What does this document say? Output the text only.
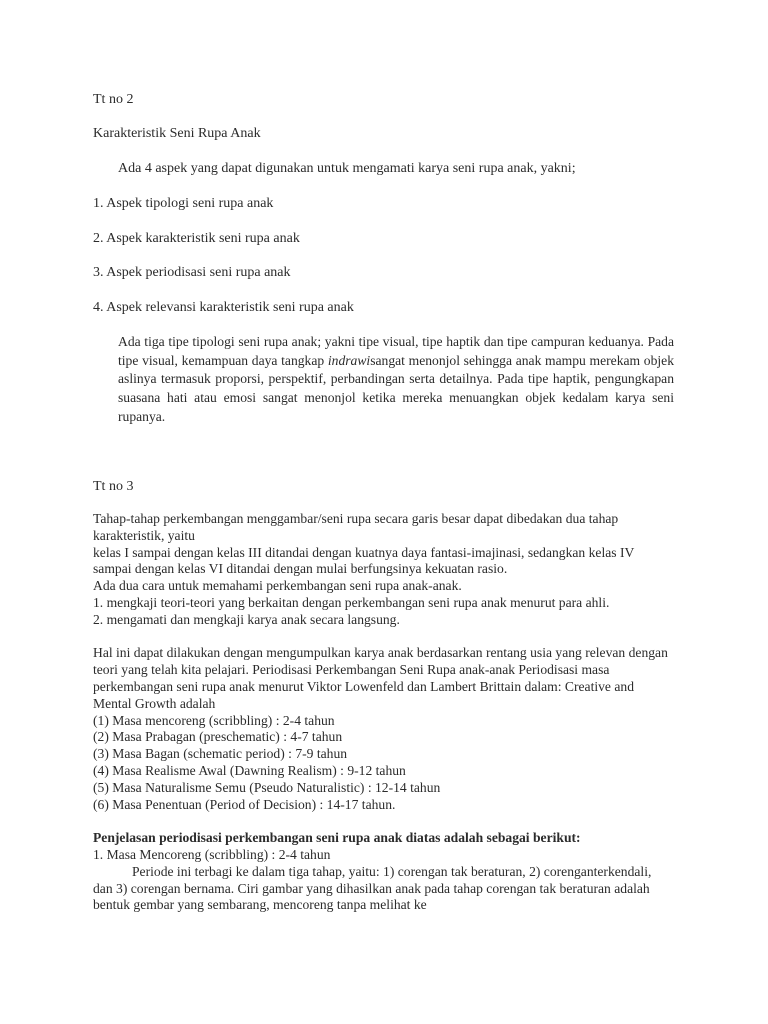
Tt no 2
Karakteristik Seni Rupa Anak
Ada 4 aspek yang dapat digunakan untuk mengamati karya seni rupa anak, yakni;
1. Aspek tipologi seni rupa anak
2. Aspek karakteristik seni rupa anak
3. Aspek periodisasi seni rupa anak
4. Aspek relevansi karakteristik seni rupa anak
Ada tiga tipe tipologi seni rupa anak; yakni tipe visual, tipe haptik dan tipe campuran keduanya. Pada tipe visual, kemampuan daya tangkap indrawisangat menonjol sehingga anak mampu merekam objek aslinya termasuk proporsi, perspektif, perbandingan serta detailnya. Pada tipe haptik, pengungkapan suasana hati atau emosi sangat menonjol ketika mereka menuangkan objek kedalam karya seni rupanya.
Tt no 3

Tahap-tahap perkembangan menggambar/seni rupa secara garis besar dapat dibedakan dua tahap karakteristik, yaitu

kelas I sampai dengan kelas III ditandai dengan kuatnya daya fantasi-imajinasi, sedangkan kelas IV sampai dengan kelas VI ditandai dengan mulai berfungsinya kekuatan rasio.

Ada dua cara untuk memahami perkembangan seni rupa anak-anak.

1. mengkaji teori-teori yang berkaitan dengan perkembangan seni rupa anak menurut para ahli.

2. mengamati dan mengkaji karya anak secara langsung.

Hal ini dapat dilakukan dengan mengumpulkan karya anak berdasarkan rentang usia yang relevan dengan teori yang telah kita pelajari. Periodisasi Perkembangan Seni Rupa anak-anak Periodisasi masa perkembangan seni rupa anak menurut Viktor Lowenfeld dan Lambert Brittain dalam: Creative and Mental Growth adalah

(1) Masa mencoreng (scribbling) : 2-4 tahun

(2) Masa Prabagan (preschematic) : 4-7 tahun

(3) Masa Bagan (schematic period) : 7-9 tahun

(4) Masa Realisme Awal (Dawning Realism) : 9-12 tahun

(5) Masa Naturalisme Semu (Pseudo Naturalistic) : 12-14 tahun

(6) Masa Penentuan (Period of Decision) : 14-17 tahun.

Penjelasan periodisasi perkembangan seni rupa anak diatas adalah sebagai berikut:

1. Masa Mencoreng (scribbling) : 2-4 tahun

Periode ini terbagi ke dalam tiga tahap, yaitu: 1) corengan tak beraturan, 2) corenganterkendali, dan 3) corengan bernama. Ciri gambar yang dihasilkan anak pada tahap corengan tak beraturan adalah bentuk gembar yang sembarang, mencoreng tanpa melihat ke
